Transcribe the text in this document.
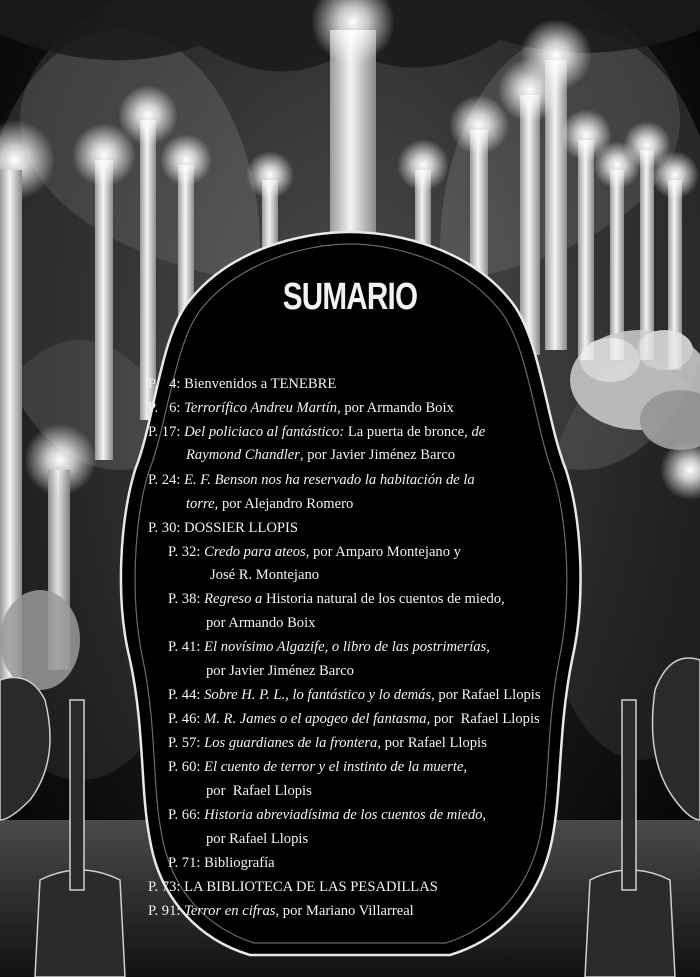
SUMARIO
P.   4: Bienvenidos a TENEBRE
P.   6: Terrorífico Andreu Martín, por Armando Boix
P. 17: Del policiaco al fantástico: La puerta de bronce, de
Raymond Chandler, por Javier Jiménez Barco
P. 24: E. F. Benson nos ha reservado la habitación de la
torre, por Alejandro Romero
P. 30: DOSSIER LLOPIS
P. 32: Credo para ateos, por Amparo Montejano y
José R. Montejano
P. 38: Regreso a Historia natural de los cuentos de miedo,
por Armando Boix
P. 41: El novísimo Algazife, o libro de las postrimerías,
por Javier Jiménez Barco
P. 44: Sobre H. P. L., lo fantástico y lo demás, por Rafael Llopis
P. 46: M. R. James o el apogeo del fantasma, por  Rafael Llopis
P. 57: Los guardianes de la frontera, por Rafael Llopis
P. 60: El cuento de terror y el instinto de la muerte,
por  Rafael Llopis
P. 66: Historia abreviadísima de los cuentos de miedo,
por Rafael Llopis
P. 71: Bibliografía
P. 73: LA BIBLIOTECA DE LAS PESADILLAS
P. 91: Terror en cifras, por Mariano Villarreal
